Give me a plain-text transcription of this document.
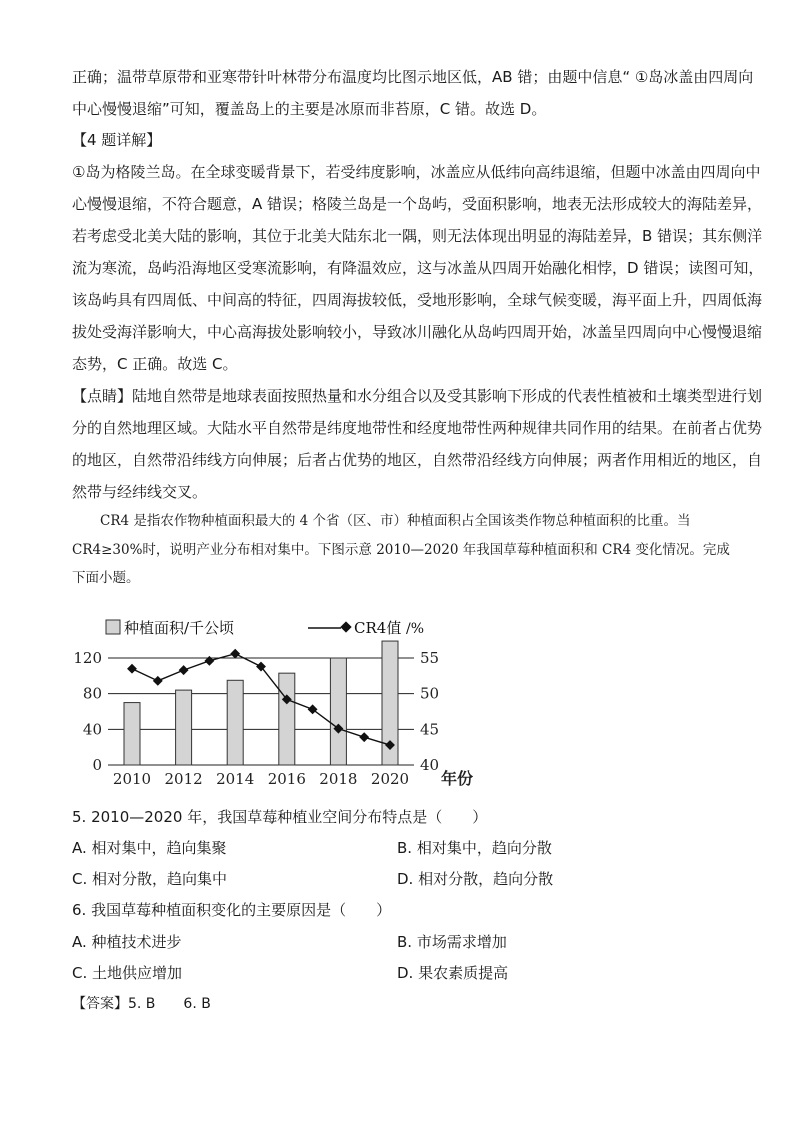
正确；温带草原带和亚寒带针叶林带分布温度均比图示地区低，AB 错；由题中信息“ ①岛冰盖由四周向
中心慢慢退缩”可知，覆盖岛上的主要是冰原而非苔原，C 错。故选 D。
【4 题详解】
①岛为格陵兰岛。在全球变暖背景下，若受纬度影响，冰盖应从低纬向高纬退缩，但题中冰盖由四周向中
心慢慢退缩，不符合题意，A 错误；格陵兰岛是一个岛屿，受面积影响，地表无法形成较大的海陆差异，
若考虑受北美大陆的影响，其位于北美大陆东北一隅，则无法体现出明显的海陆差异，B 错误；其东侧洋
流为寒流，岛屿沿海地区受寒流影响，有降温效应，这与冰盖从四周开始融化相悖，D 错误；读图可知，
该岛屿具有四周低、中间高的特征，四周海拔较低，受地形影响，全球气候变暖，海平面上升，四周低海
拔处受海洋影响大，中心高海拔处影响较小，导致冰川融化从岛屿四周开始，冰盖呈四周向中心慢慢退缩
态势，C 正确。故选 C。
【点睛】陆地自然带是地球表面按照热量和水分组合以及受其影响下形成的代表性植被和土壤类型进行划
分的自然地理区域。大陆水平自然带是纬度地带性和经度地带性两种规律共同作用的结果。在前者占优势
的地区，自然带沿纬线方向伸展；后者占优势的地区，自然带沿经线方向伸展；两者作用相近的地区，自
然带与经纬线交叉。
CR4 是指农作物种植面积最大的 4 个省（区、市）种植面积占全国该类作物总种植面积的比重。当
CR4≥30%时，说明产业分布相对集中。下图示意 2010—2020 年我国草莓种植面积和 CR4 变化情况。完成
下面小题。
0
40
80
120
40
45
50
55
2010 2012 2014 2016 2018 2020 年份
种植面积/千公顷	CR4值 /%
5. 2010—2020 年，我国草莓种植业空间分布特点是（　　）
A. 相对集中，趋向集聚	B. 相对集中，趋向分散
C. 相对分散，趋向集中	D. 相对分散，趋向分散
6. 我国草莓种植面积变化的主要原因是（　　）
A. 种植技术进步	B. 市场需求增加
C. 土地供应增加	D. 果农素质提高
【答案】5. B　　6. B
